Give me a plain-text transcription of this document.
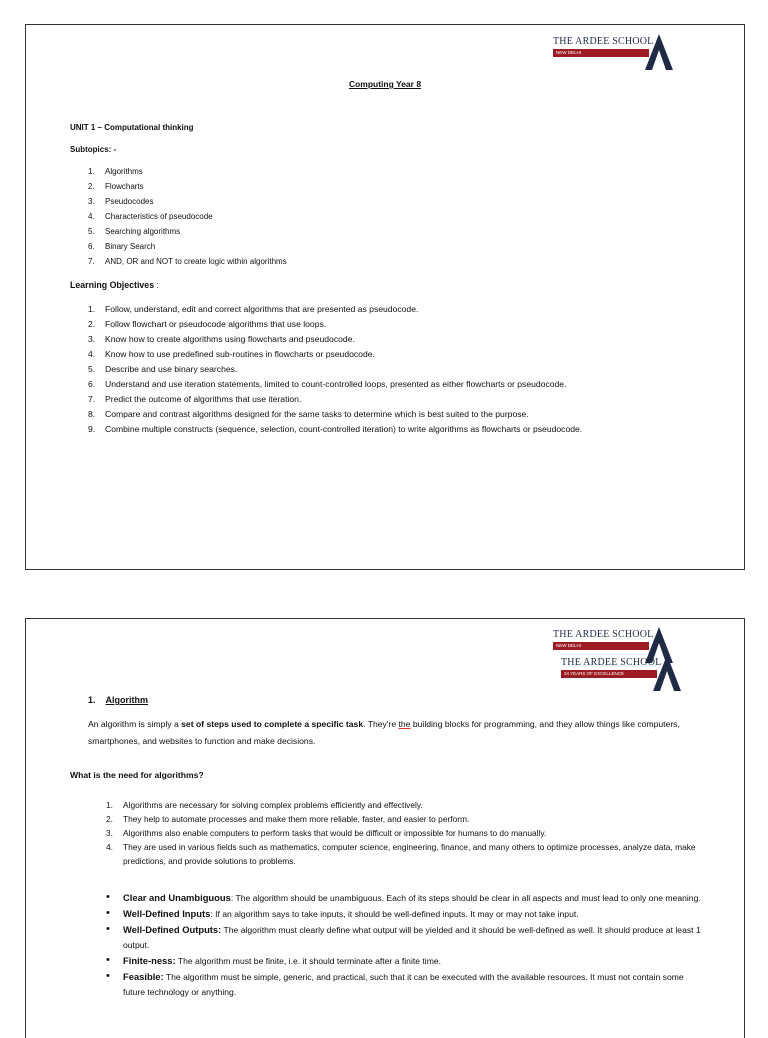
THE ARDEE SCHOOL
NEW DELHI
Computing Year 8
UNIT 1 – Computational thinking
Subtopics: -
1. Algorithms
2. Flowcharts
3. Pseudocodes
4. Characteristics of pseudocode
5. Searching algorithms
6. Binary Search
7. AND, OR and NOT to create logic within algorithms
Learning Objectives :
1. Follow, understand, edit and correct algorithms that are presented as pseudocode.
2. Follow flowchart or pseudocode algorithms that use loops.
3. Know how to create algorithms using flowcharts and pseudocode.
4. Know how to use predefined sub-routines in flowcharts or pseudocode.
5. Describe and use binary searches.
6. Understand and use iteration statements, limited to count-controlled loops, presented as either flowcharts or pseudocode.
7. Predict the outcome of algorithms that use iteration.
8. Compare and contrast algorithms designed for the same tasks to determine which is best suited to the purpose.
9. Combine multiple constructs (sequence, selection, count-controlled iteration) to write algorithms as flowcharts or pseudocode.
THE ARDEE SCHOOL
NEW DELHI
THE ARDEE SCHOOL
34 YEARS OF EXCELLENCE
1. Algorithm

An algorithm is simply a set of steps used to complete a specific task. They're the building blocks for programming, and they allow things like computers, smartphones, and websites to function and make decisions.

What is the need for algorithms?
1. Algorithms are necessary for solving complex problems efficiently and effectively.
2. They help to automate processes and make them more reliable, faster, and easier to perform.
3. Algorithms also enable computers to perform tasks that would be difficult or impossible for humans to do manually.
4. They are used in various fields such as mathematics, computer science, engineering, finance, and many others to optimize processes, analyze data, make predictions, and provide solutions to problems.
• Clear and Unambiguous: The algorithm should be unambiguous. Each of its steps should be clear in all aspects and must lead to only one meaning.
• Well-Defined Inputs: If an algorithm says to take inputs, it should be well-defined inputs. It may or may not take input.
• Well-Defined Outputs: The algorithm must clearly define what output will be yielded and it should be well-defined as well. It should produce at least 1 output.
• Finite-ness: The algorithm must be finite, i.e. it should terminate after a finite time.
• Feasible: The algorithm must be simple, generic, and practical, such that it can be executed with the available resources. It must not contain some future technology or anything.
